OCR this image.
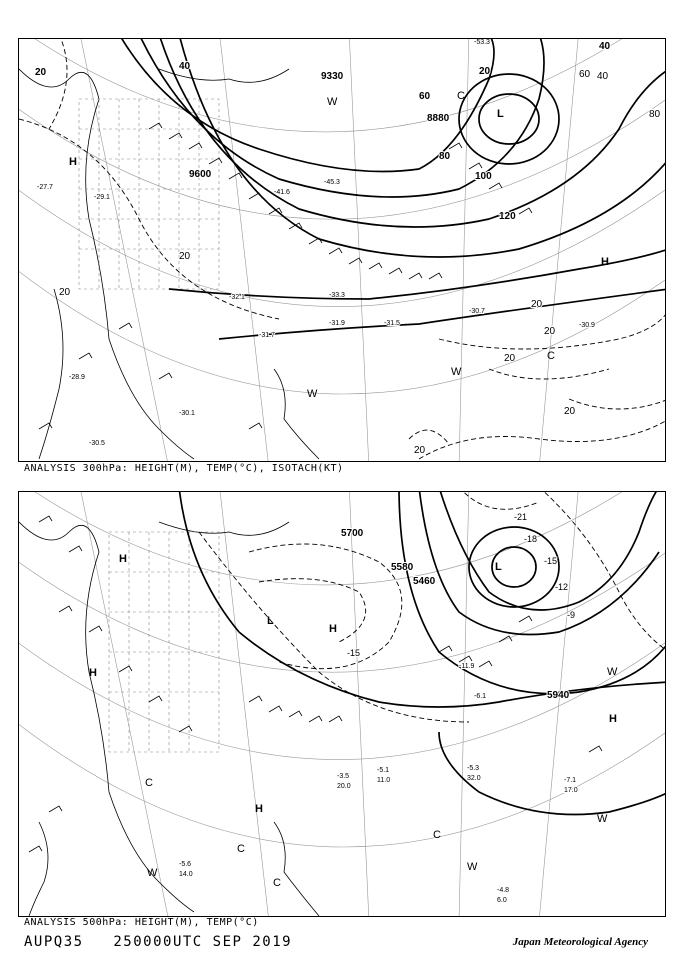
9330
8880
9600
20
40
60
80
100
120
20
40
20
20
20
20
20
20
20
40
60
80
-41.6
-45.3
-33.3
-31.5
-30.7
-31.9
-32.1
-31.7
-30.1
-30.5
-30.9
-28.9
-27.7
-29.1
-53.3
H
H
L
W
W
W
C
C
ANALYSIS 300hPa: HEIGHT(M), TEMP(°C), ISOTACH(KT)
5700
5580
5460
5940
-21
-18
-15
-12
-15
-9
-5.3
32.0	-7.1
17.0
-4.8
6.0
-5.6
14.0
-3.5
20.0
-5.1
11.0
-11.9
-6.1
H
H
H
H
H
L
L
C
C
C
C
W
W
W
W
ANALYSIS 500hPa: HEIGHT(M), TEMP(°C)
AUPQ35 250000UTC SEP 2019	Japan Meteorological Agency
